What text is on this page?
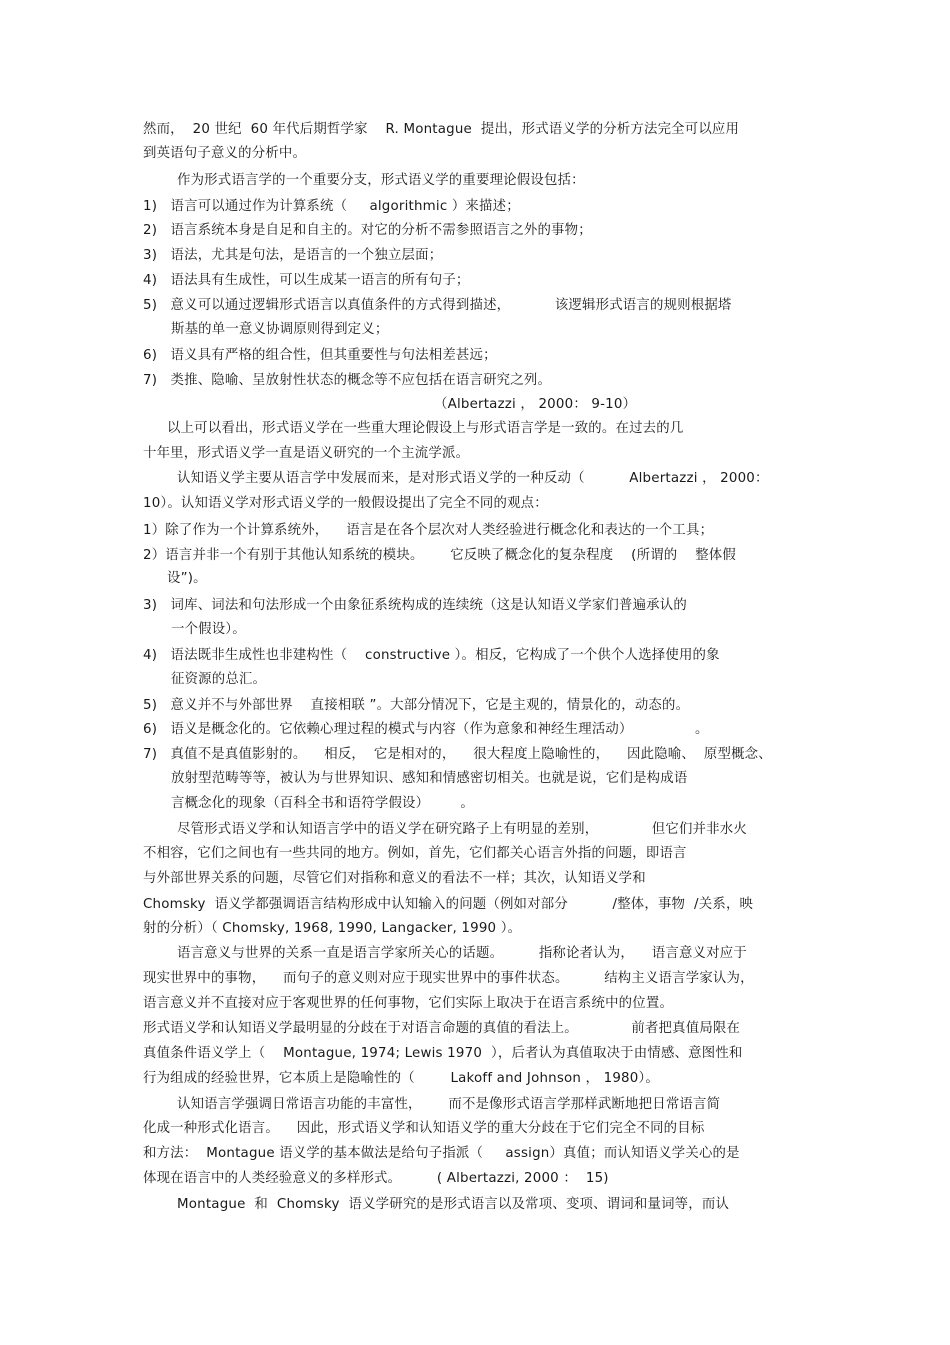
然而，  20 世纪  60 年代后期哲学家    R. Montague  提出，形式语义学的分析方法完全可以应用
到英语句子意义的分析中。
作为形式语言学的一个重要分支，形式语义学的重要理论假设包括：
1)   语言可以通过作为计算系统（     algorithmic ）来描述；
2)   语言系统本身是自足和自主的。对它的分析不需参照语言之外的事物；
3)   语法，尤其是句法，是语言的一个独立层面；
4)   语法具有生成性，可以生成某一语言的所有句子；
5)   意义可以通过逻辑形式语言以真值条件的方式得到描述，          该逻辑形式语言的规则根据塔
斯基的单一意义协调原则得到定义；
6)   语义具有严格的组合性，但其重要性与句法相差甚远；
7)   类推、隐喻、呈放射性状态的概念等不应包括在语言研究之列。
（Albertazzi ， 2000： 9-10）
以上可以看出，形式语义学在一些重大理论假设上与形式语言学是一致的。在过去的几
十年里，形式语义学一直是语义研究的一个主流学派。
认知语义学主要从语言学中发展而来，是对形式语义学的一种反动（          Albertazzi ， 2000：
10）。认知语义学对形式语义学的一般假设提出了完全不同的观点：
1）除了作为一个计算系统外，    语言是在各个层次对人类经验进行概念化和表达的一个工具；
2）语言并非一个有别于其他认知系统的模块。      它反映了概念化的复杂程度    (所谓的    整体假
设”)。
3)   词库、词法和句法形成一个由象征系统构成的连续统（这是认知语义学家们普遍承认的
一个假设）。
4)   语法既非生成性也非建构性（    constructive ）。相反，它构成了一个供个人选择使用的象
征资源的总汇。
5)   意义并不与外部世界    直接相联 ”。大部分情况下，它是主观的，情景化的，动态的。
6)   语义是概念化的。它依赖心理过程的模式与内容（作为意象和神经生理活动）              。
7)   真值不是真值影射的。    相反，  它是相对的，    很大程度上隐喻性的，    因此隐喻、  原型概念、
放射型范畴等等，被认为与世界知识、感知和情感密切相关。也就是说，它们是构成语
言概念化的现象（百科全书和语符学假设）       。
尽管形式语义学和认知语言学中的语义学在研究路子上有明显的差别，            但它们并非水火
不相容，它们之间也有一些共同的地方。例如，首先，它们都关心语言外指的问题，即语言
与外部世界关系的问题，尽管它们对指称和意义的看法不一样；其次，认知语义学和
Chomsky  语义学都强调语言结构形成中认知输入的问题（例如对部分          /整体，事物  /关系，映
射的分析）（ Chomsky, 1968, 1990, Langacker, 1990 ）。
语言意义与世界的关系一直是语言学家所关心的话题。        指称论者认为，    语言意义对应于
现实世界中的事物，    而句子的意义则对应于现实世界中的事件状态。        结构主义语言学家认为，
语言意义并不直接对应于客观世界的任何事物，它们实际上取决于在语言系统中的位置。
形式语义学和认知语义学最明显的分歧在于对语言命题的真值的看法上。            前者把真值局限在
真值条件语义学上（    Montague, 1974; Lewis 1970  ），后者认为真值取决于由情感、意图性和
行为组成的经验世界，它本质上是隐喻性的（        Lakoff and Johnson ， 1980）。
认知语言学强调日常语言功能的丰富性，      而不是像形式语言学那样武断地把日常语言简
化成一种形式化语言。    因此，形式语义学和认知语义学的重大分歧在于它们完全不同的目标
和方法：  Montague 语义学的基本做法是给句子指派（     assign）真值；而认知语义学关心的是
体现在语言中的人类经验意义的多样形式。        ( Albertazzi, 2000 ：  15)
Montague  和  Chomsky  语义学研究的是形式语言以及常项、变项、谓词和量词等，而认
